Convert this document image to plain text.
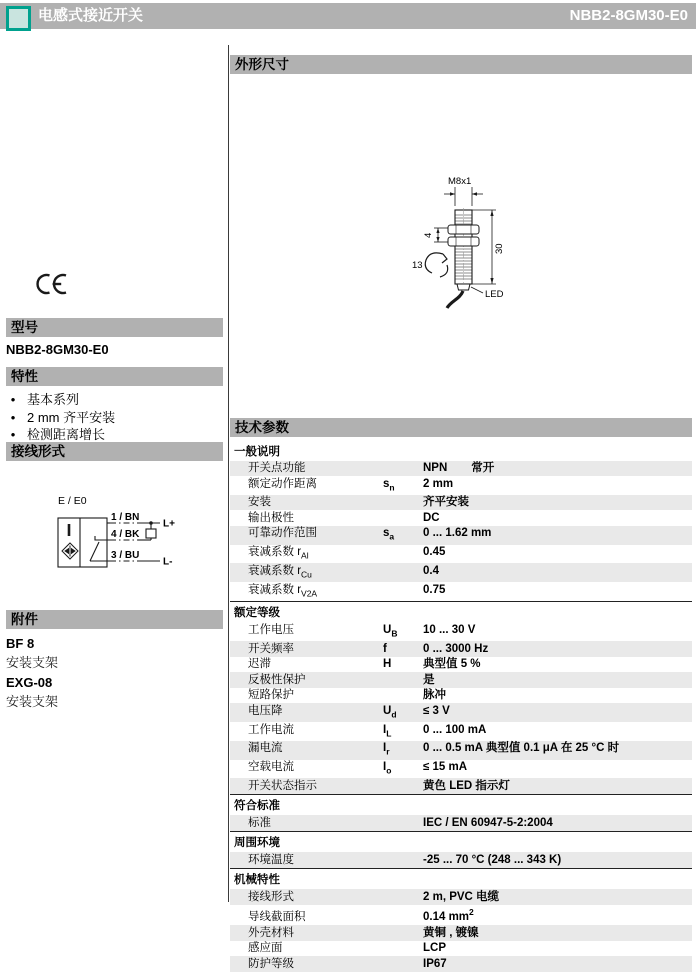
电感式接近开关	NBB2-8GM30-E0
型号
NBB2-8GM30-E0
特性
• 基本系列
• 2 mm 齐平安装
• 检测距离增长
接线形式
E / E0
1 / BN
L+
4 / BK
3 / BU
L-
附件
BF 8
安装支架
EXG-08
安装支架
外形尺寸
M8x1
4
30
13
LED
技术参数
一般说明
开关点功能	NPN 常开
额定动作距离	$s_n$	2 mm
安装	齐平安装
输出极性	DC
可靠动作范围	$s_a$	0 ... 1.62 mm
衰减系数 $r_{Al}$	0.45
衰减系数 $r_{Cu}$	0.4
衰减系数 $r_{V2A}$	0.75
额定等级
工作电压	$U_B$	10 ... 30 V
开关频率	f	0 ... 3000 Hz
迟滞	H	典型值 5 %
反极性保护	是
短路保护	脉冲
电压降	$U_d$	≤ 3 V
工作电流	$I_L$	0 ... 100 mA
漏电流	$I_r$	0 ... 0.5 mA 典型值 0.1 μA 在 25 °C 时
空载电流	$I_o$	≤ 15 mA
开关状态指示	黄色 LED 指示灯
符合标准
标准	IEC / EN 60947-5-2:2004
周围环境
环境温度	-25 ... 70 °C (248 ... 343 K)
机械特性
接线形式	2 m, PVC 电缆
导线截面积	0.14 $mm^2$
外壳材料	黄铜 , 镀镍
感应面	LCP
防护等级	IP67
